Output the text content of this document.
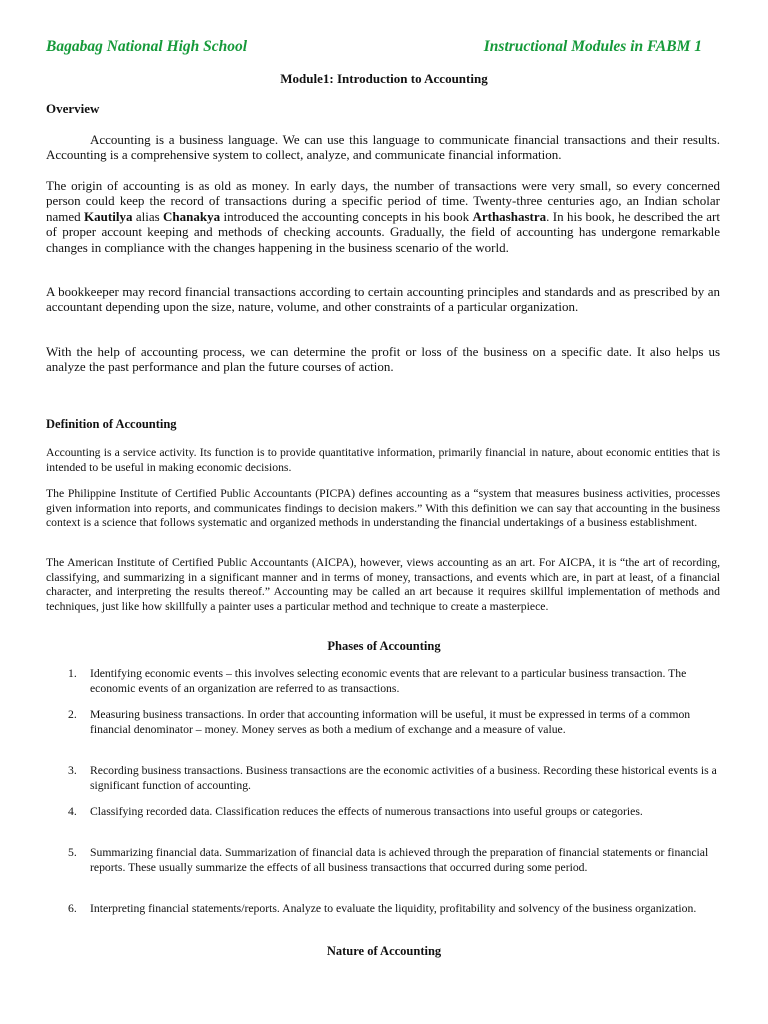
Bagabag National High School	Instructional Modules in FABM 1
Module1: Introduction to Accounting
Overview
Accounting is a business language. We can use this language to communicate financial transactions and their results. Accounting is a comprehensive system to collect, analyze, and communicate financial information.
The origin of accounting is as old as money. In early days, the number of transactions were very small, so every concerned person could keep the record of transactions during a specific period of time. Twenty-three centuries ago, an Indian scholar named Kautilya alias Chanakya introduced the accounting concepts in his book Arthashastra. In his book, he described the art of proper account keeping and methods of checking accounts. Gradually, the field of accounting has undergone remarkable changes in compliance with the changes happening in the business scenario of the world.
A bookkeeper may record financial transactions according to certain accounting principles and standards and as prescribed by an accountant depending upon the size, nature, volume, and other constraints of a particular organization.
With the help of accounting process, we can determine the profit or loss of the business on a specific date. It also helps us analyze the past performance and plan the future courses of action.
Definition of Accounting
Accounting is a service activity. Its function is to provide quantitative information, primarily financial in nature, about economic entities that is intended to be useful in making economic decisions.
The Philippine Institute of Certified Public Accountants (PICPA) defines accounting as a “system that measures business activities, processes given information into reports, and communicates findings to decision makers.” With this definition we can say that accounting in the business context is a science that follows systematic and organized methods in understanding the financial undertakings of a business establishment.
The American Institute of Certified Public Accountants (AICPA), however, views accounting as an art. For AICPA, it is “the art of recording, classifying, and summarizing in a significant manner and in terms of money, transactions, and events which are, in part at least, of a financial character, and interpreting the results thereof.” Accounting may be called an art because it requires skillful implementation of methods and techniques, just like how skillfully a painter uses a particular method and technique to create a masterpiece.
Phases of Accounting
1.	Identifying economic events – this involves selecting economic events that are relevant to a particular business transaction. The economic events of an organization are referred to as transactions.
2.	Measuring business transactions. In order that accounting information will be useful, it must be expressed in terms of a common financial denominator – money. Money serves as both a medium of exchange and a measure of value.
3.	Recording business transactions. Business transactions are the economic activities of a business. Recording these historical events is a significant function of accounting.
4.	Classifying recorded data. Classification reduces the effects of numerous transactions into useful groups or categories.
5.	Summarizing financial data. Summarization of financial data is achieved through the preparation of financial statements or financial reports. These usually summarize the effects of all business transactions that occurred during some period.
6.	Interpreting financial statements/reports. Analyze to evaluate the liquidity, profitability and solvency of the business organization.
Nature of Accounting
